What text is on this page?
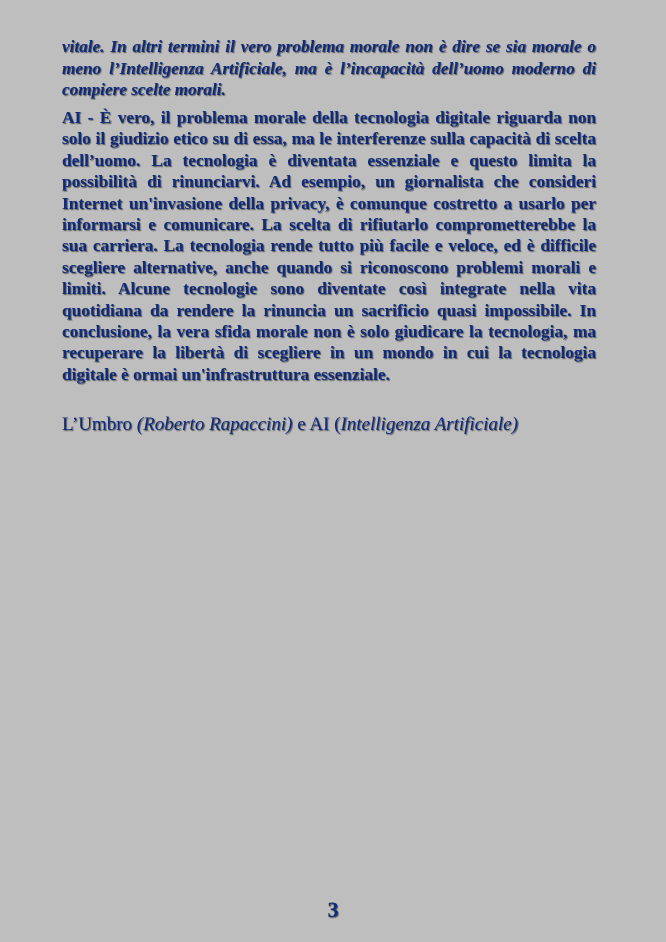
vitale. In altri termini il vero problema morale non è dire se sia morale o meno l’Intelligenza Artificiale, ma è l’incapacità dell’uomo moderno di compiere scelte morali.
AI - È vero, il problema morale della tecnologia digitale riguarda non solo il giudizio etico su di essa, ma le interferenze sulla capacità di scelta dell’uomo. La tecnologia è diventata essenziale e questo limita la possibilità di rinunciarvi. Ad esempio, un giornalista che consideri Internet un'invasione della privacy, è comunque costretto a usarlo per informarsi e comunicare. La scelta di rifiutarlo comprometterebbe la sua carriera. La tecnologia rende tutto più facile e veloce, ed è difficile scegliere alternative, anche quando si riconoscono problemi morali e limiti. Alcune tecnologie sono diventate così integrate nella vita quotidiana da rendere la rinuncia un sacrificio quasi impossibile. In conclusione, la vera sfida morale non è solo giudicare la tecnologia, ma recuperare la libertà di scegliere in un mondo in cui la tecnologia digitale è ormai un'infrastruttura essenziale.
L’Umbro (Roberto Rapaccini) e AI (Intelligenza Artificiale)
3
